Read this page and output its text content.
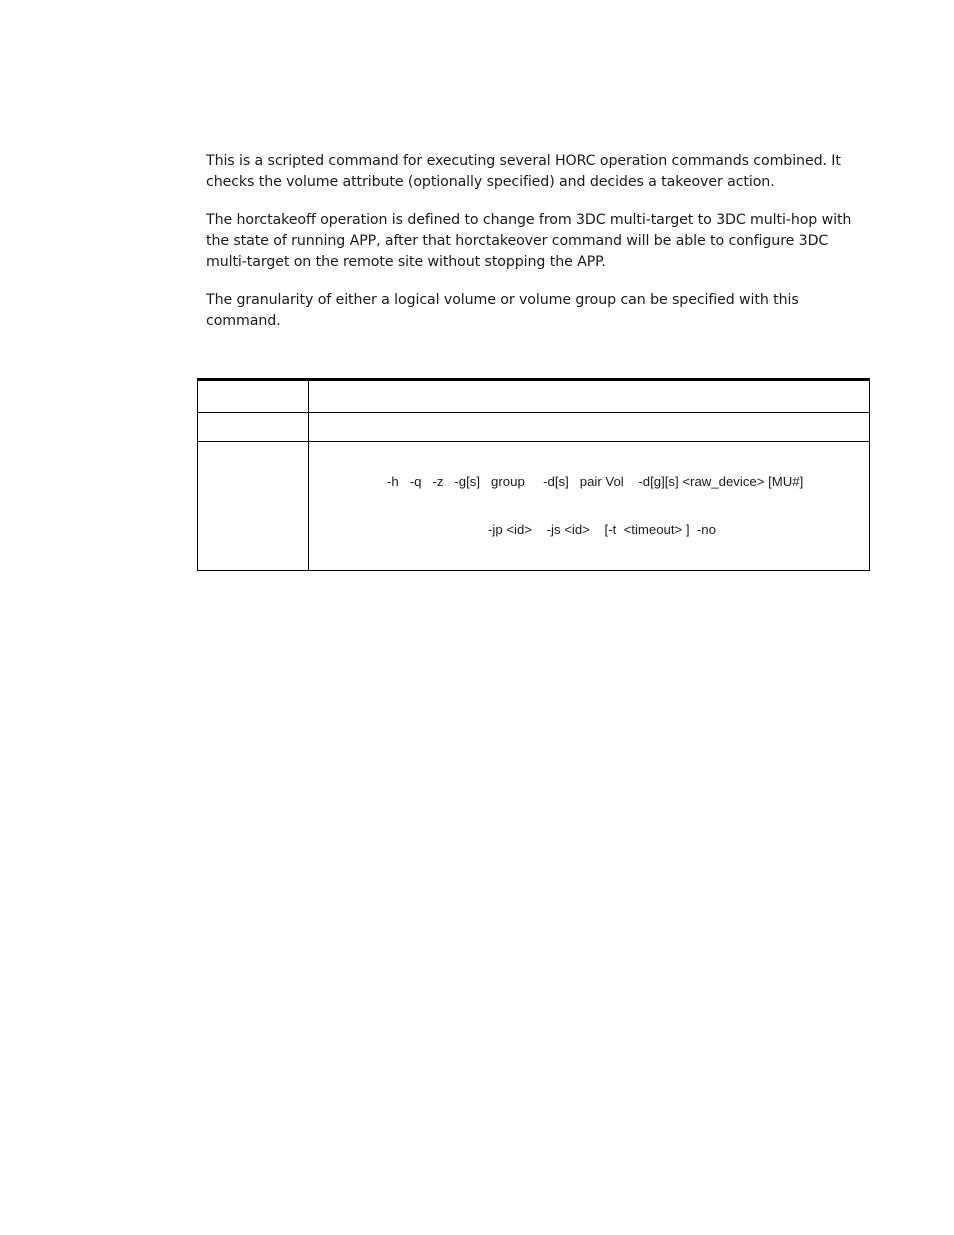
This is a scripted command for executing several HORC operation commands combined. It checks the volume attribute (optionally specified) and decides a takeover action.

The horctakeoff operation is defined to change from 3DC multi-target to 3DC multi-hop with the state of running APP, after that horctakeover command will be able to configure 3DC multi-target on the remote site without stopping the APP.

The granularity of either a logical volume or volume group can be specified with this command.

	-h   -q   -z   -g[s]   group     -d[s]   pair Vol    -d[g][s] <raw_device> [MU#]

-jp <id>    -js <id>    [-t  <timeout> ]  -no
